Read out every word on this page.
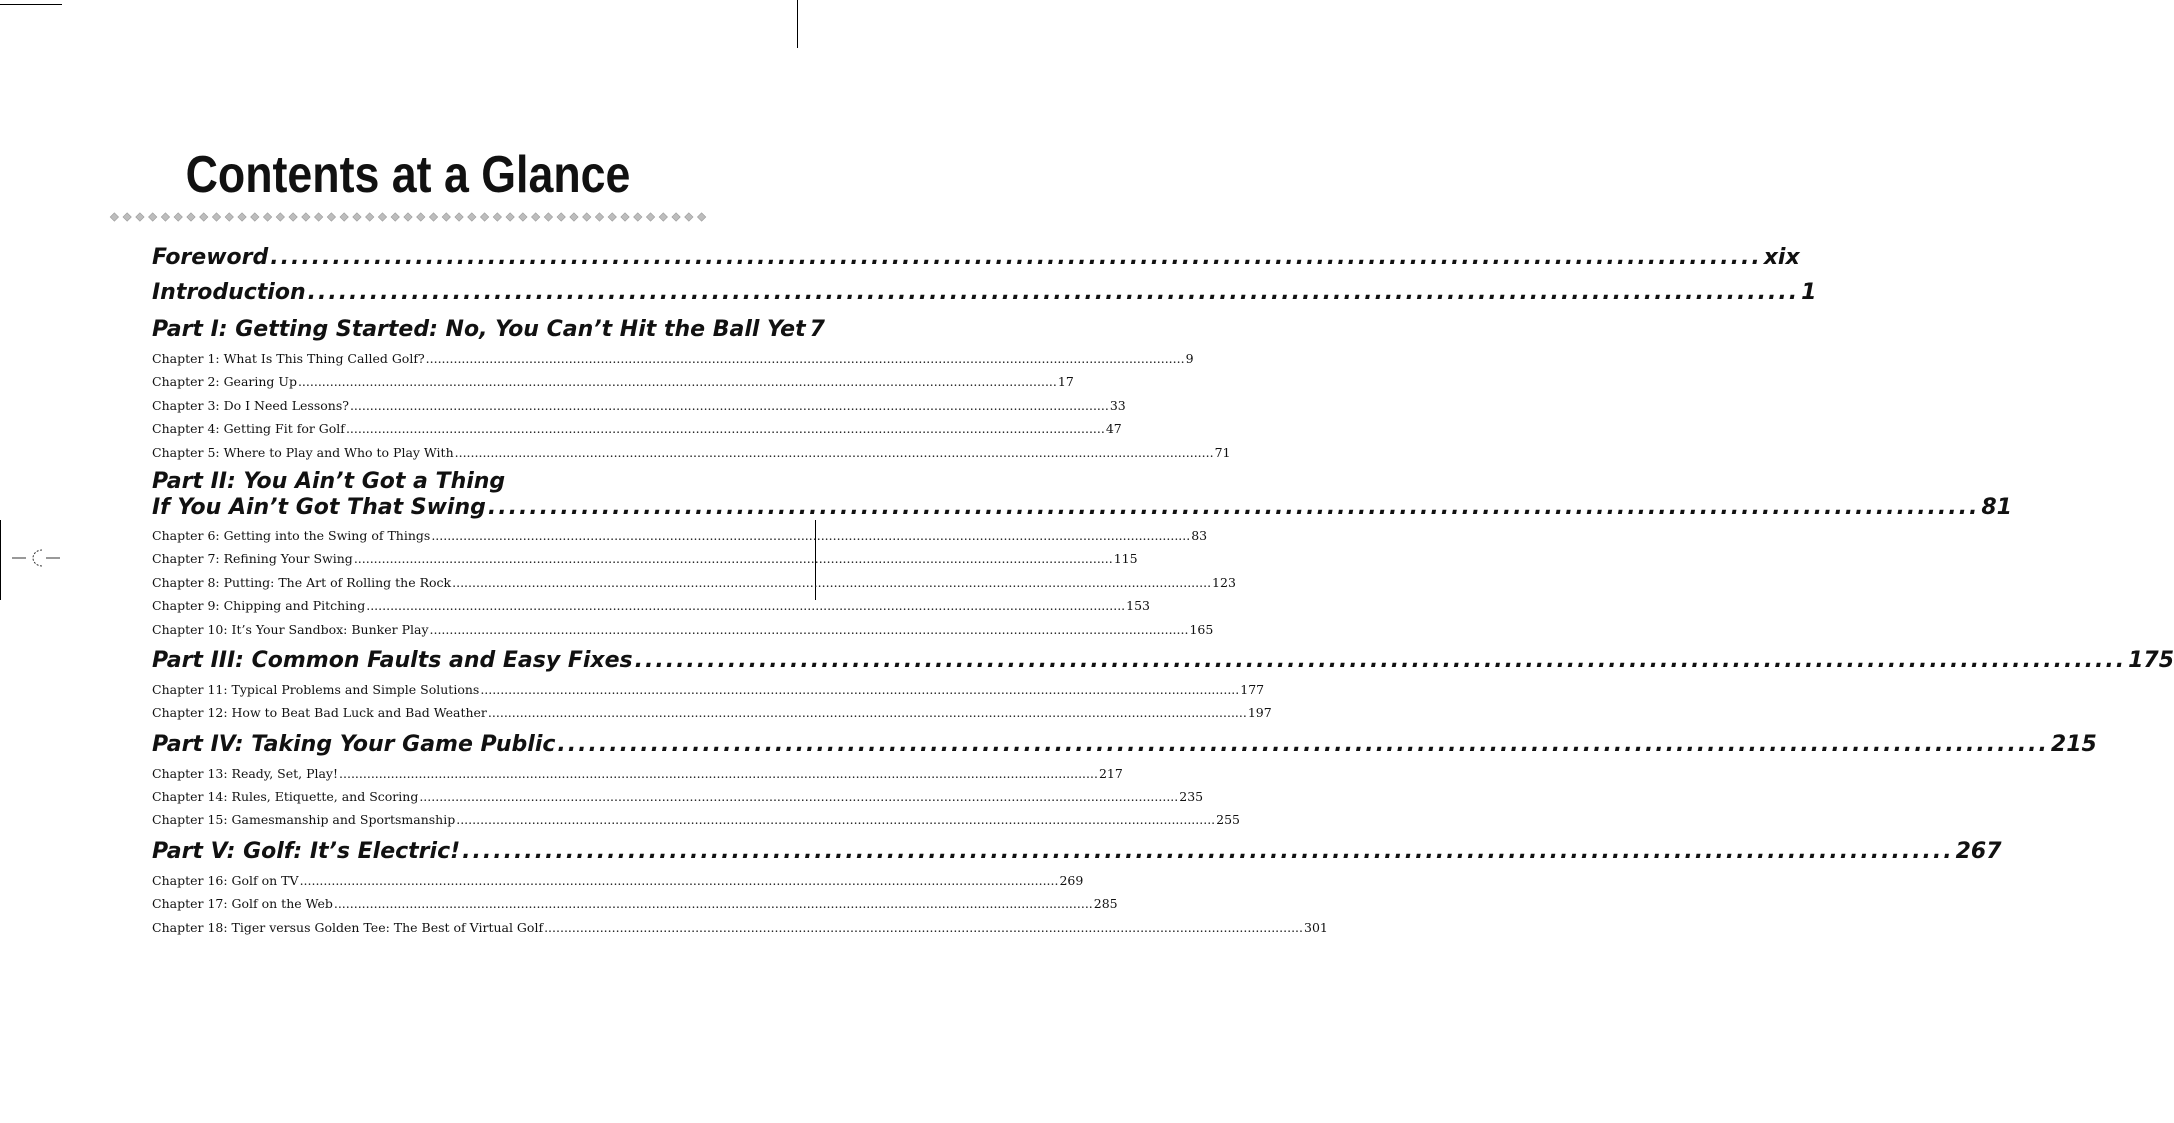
Contents at a Glance
Foreword .....	xix
Introduction .....	1
Part I: Getting Started: No, You Can’t Hit the Ball Yet 7
Chapter 1: What Is This Thing Called Golf? .....	9
Chapter 2: Gearing Up .....	17
Chapter 3: Do I Need Lessons? .....	33
Chapter 4: Getting Fit for Golf .....	47
Chapter 5: Where to Play and Who to Play With .....	71
Part II: You Ain’t Got a Thing
If You Ain’t Got That Swing .....	81
Chapter 6: Getting into the Swing of Things .....	83
Chapter 7: Refining Your Swing .....	115
Chapter 8: Putting: The Art of Rolling the Rock .....	123
Chapter 9: Chipping and Pitching .....	153
Chapter 10: It’s Your Sandbox: Bunker Play .....	165
Part III: Common Faults and Easy Fixes .....	175
Chapter 11: Typical Problems and Simple Solutions .....	177
Chapter 12: How to Beat Bad Luck and Bad Weather .....	197
Part IV: Taking Your Game Public .....	215
Chapter 13: Ready, Set, Play! .....	217
Chapter 14: Rules, Etiquette, and Scoring .....	235
Chapter 15: Gamesmanship and Sportsmanship .....	255
Part V: Golf: It’s Electric! .....	267
Chapter 16: Golf on TV .....	269
Chapter 17: Golf on the Web .....	285
Chapter 18: Tiger versus Golden Tee: The Best of Virtual Golf .....	301
